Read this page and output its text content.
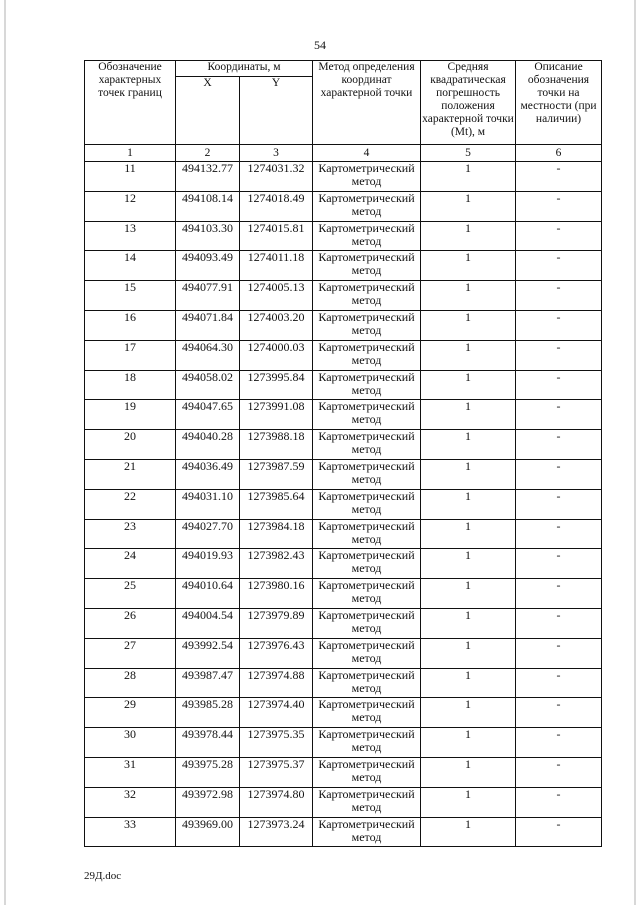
54
Обозначение характерных точек границ	Координаты, м		Метод определения координат характерной точки	Средняя квадратическая погрешность положения характерной точки (Mt), м	Описание обозначения точки на местности (при наличии)
	X	Y			
1	2	3	4	5	6
11	494132.77	1274031.32	Картометрический метод	1	-
12	494108.14	1274018.49	Картометрический метод	1	-
13	494103.30	1274015.81	Картометрический метод	1	-
14	494093.49	1274011.18	Картометрический метод	1	-
15	494077.91	1274005.13	Картометрический метод	1	-
16	494071.84	1274003.20	Картометрический метод	1	-
17	494064.30	1274000.03	Картометрический метод	1	-
18	494058.02	1273995.84	Картометрический метод	1	-
19	494047.65	1273991.08	Картометрический метод	1	-
20	494040.28	1273988.18	Картометрический метод	1	-
21	494036.49	1273987.59	Картометрический метод	1	-
22	494031.10	1273985.64	Картометрический метод	1	-
23	494027.70	1273984.18	Картометрический метод	1	-
24	494019.93	1273982.43	Картометрический метод	1	-
25	494010.64	1273980.16	Картометрический метод	1	-
26	494004.54	1273979.89	Картометрический метод	1	-
27	493992.54	1273976.43	Картометрический метод	1	-
28	493987.47	1273974.88	Картометрический метод	1	-
29	493985.28	1273974.40	Картометрический метод	1	-
30	493978.44	1273975.35	Картометрический метод	1	-
31	493975.28	1273975.37	Картометрический метод	1	-
32	493972.98	1273974.80	Картометрический метод	1	-
33	493969.00	1273973.24	Картометрический метод	1	-
29Д.doc
